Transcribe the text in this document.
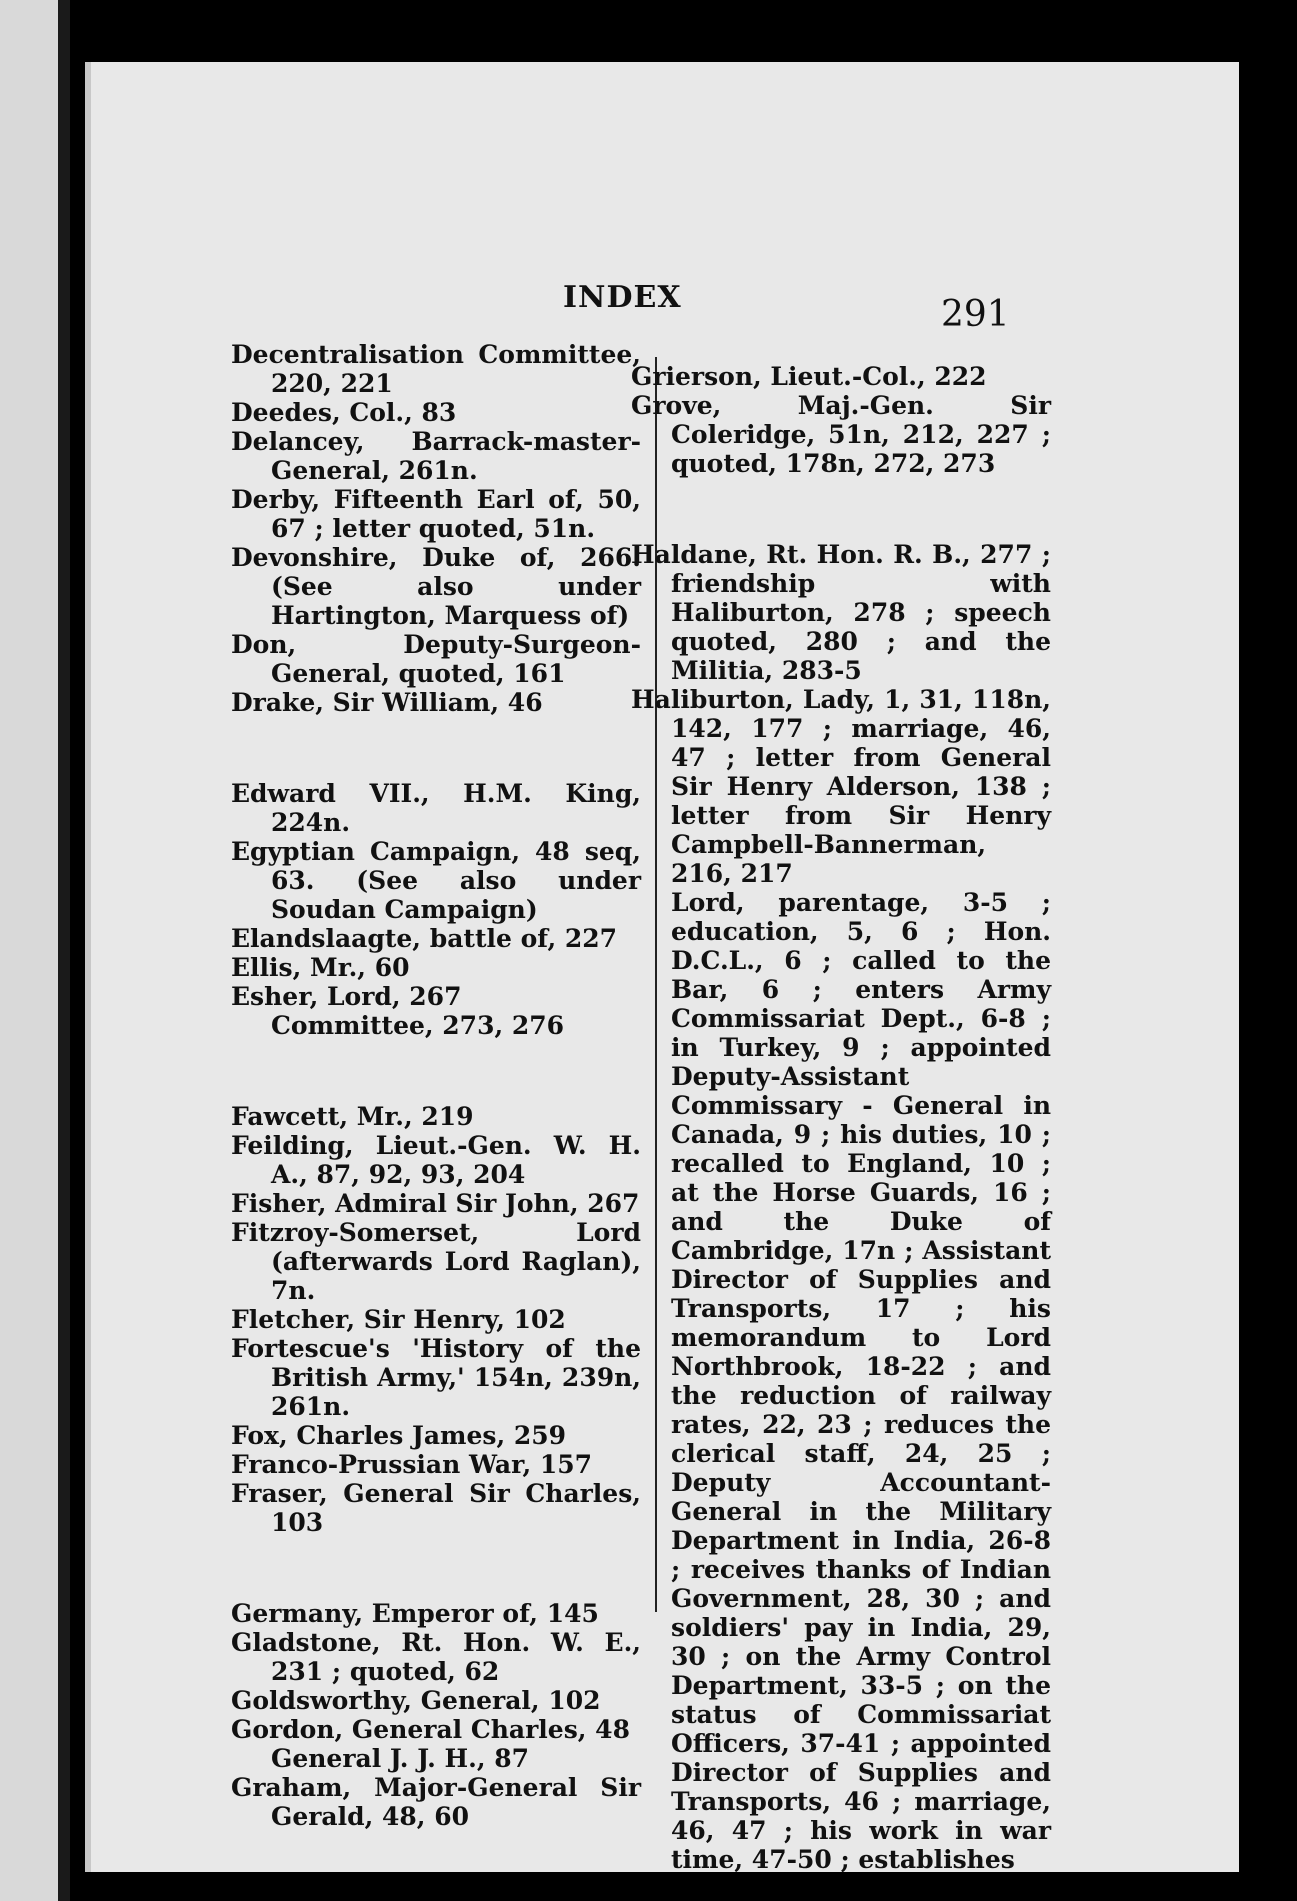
INDEX	291

Decentralisation Committee, 220, 221

Deedes, Col., 83

Delancey, Barrack-master-General, 261n.

Derby, Fifteenth Earl of, 50, 67 ; letter quoted, 51n.

Devonshire, Duke of, 266. (See also under Hartington, Marquess of)

Don, Deputy-Surgeon-General, quoted, 161

Drake, Sir William, 46

Edward VII., H.M. King, 224n.

Egyptian Campaign, 48 seq, 63. (See also under Soudan Campaign)

Elandslaagte, battle of, 227

Ellis, Mr., 60

Esher, Lord, 267

Committee, 273, 276

Fawcett, Mr., 219

Feilding, Lieut.-Gen. W. H. A., 87, 92, 93, 204

Fisher, Admiral Sir John, 267

Fitzroy-Somerset, Lord (afterwards Lord Raglan), 7n.

Fletcher, Sir Henry, 102

Fortescue's 'History of the British Army,' 154n, 239n, 261n.

Fox, Charles James, 259

Franco-Prussian War, 157

Fraser, General Sir Charles, 103

Germany, Emperor of, 145

Gladstone, Rt. Hon. W. E., 231 ; quoted, 62

Goldsworthy, General, 102

Gordon, General Charles, 48

General J. J. H., 87

Graham, Major-General Sir Gerald, 48, 60

Grierson, Lieut.-Col., 222

Grove, Maj.-Gen. Sir Coleridge, 51n, 212, 227 ; quoted, 178n, 272, 273

Haldane, Rt. Hon. R. B., 277 ; friendship with Haliburton, 278 ; speech quoted, 280 ; and the Militia, 283-5

Haliburton, Lady, 1, 31, 118n, 142, 177 ; marriage, 46, 47 ; letter from General Sir Henry Alderson, 138 ; letter from Sir Henry Campbell-Bannerman, 216, 217

Lord, parentage, 3-5 ; education, 5, 6 ; Hon. D.C.L., 6 ; called to the Bar, 6 ; enters Army Commissariat Dept., 6-8 ; in Turkey, 9 ; appointed Deputy-Assistant Commissary - General in Canada, 9 ; his duties, 10 ; recalled to England, 10 ; at the Horse Guards, 16 ; and the Duke of Cambridge, 17n ; Assistant Director of Supplies and Transports, 17 ; his memorandum to Lord Northbrook, 18-22 ; and the reduction of railway rates, 22, 23 ; reduces the clerical staff, 24, 25 ; Deputy Accountant-General in the Military Department in India, 26-8 ; receives thanks of Indian Government, 28, 30 ; and soldiers' pay in India, 29, 30 ; on the Army Control Department, 33-5 ; on the status of Commissariat Officers, 37-41 ; appointed Director of Supplies and Transports, 46 ; marriage, 46, 47 ; his work in war time, 47-50 ; establishes
